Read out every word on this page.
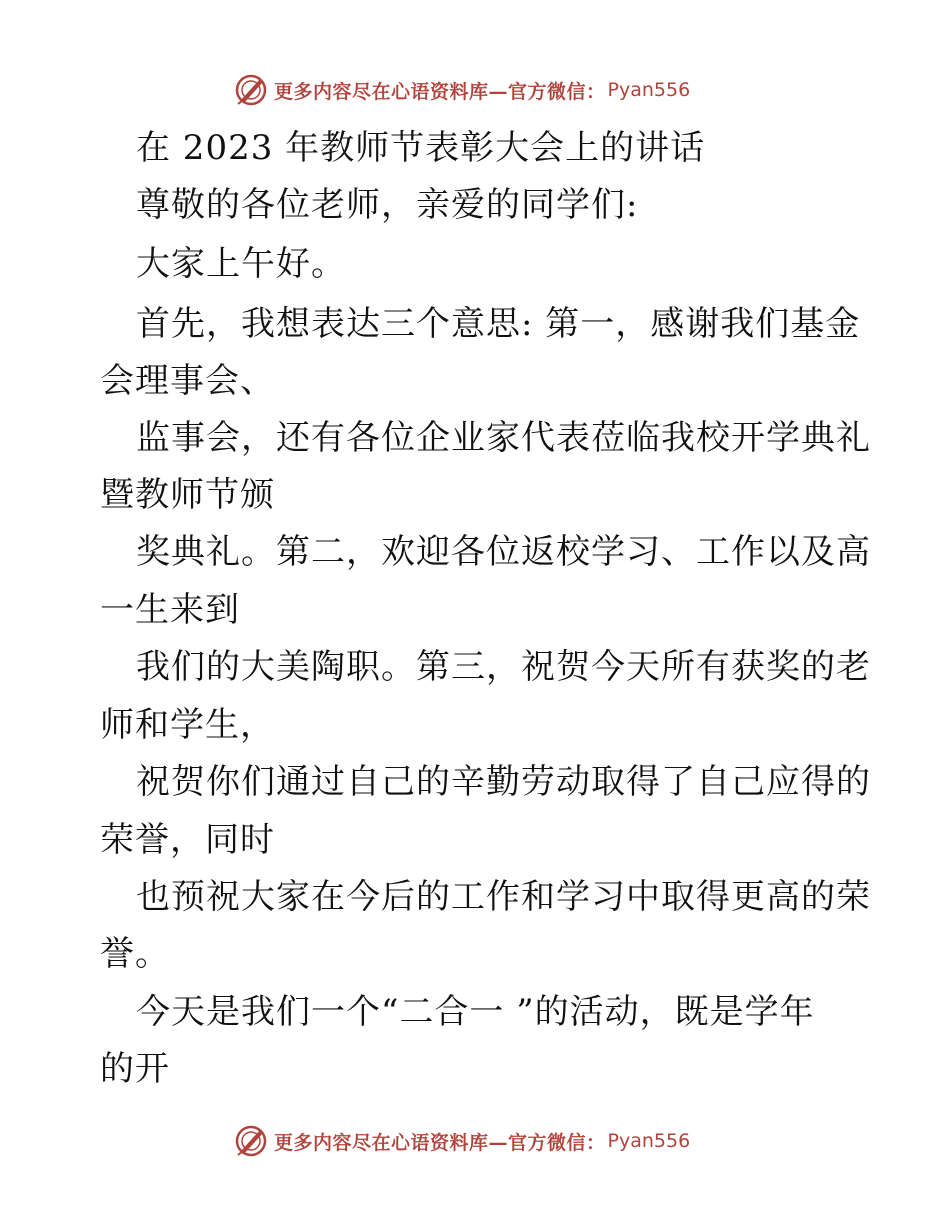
更多内容尽在心语资料库—官方微信： Pyan556
在 2023 年教师节表彰大会上的讲话
尊敬的各位老师，亲爱的同学们:
大家上午好。
首先，我想表达三个意思: 第一，感谢我们基金
会理事会、
监事会，还有各位企业家代表莅临我校开学典礼
暨教师节颁
奖典礼。第二，欢迎各位返校学习、工作以及高
一生来到
我们的大美陶职。第三，祝贺今天所有获奖的老
师和学生，
祝贺你们通过自己的辛勤劳动取得了自己应得的
荣誉，同时
也预祝大家在今后的工作和学习中取得更高的荣
誉。
今天是我们一个“二合一 ”的活动，既是学年
的开
更多内容尽在心语资料库—官方微信： Pyan556
